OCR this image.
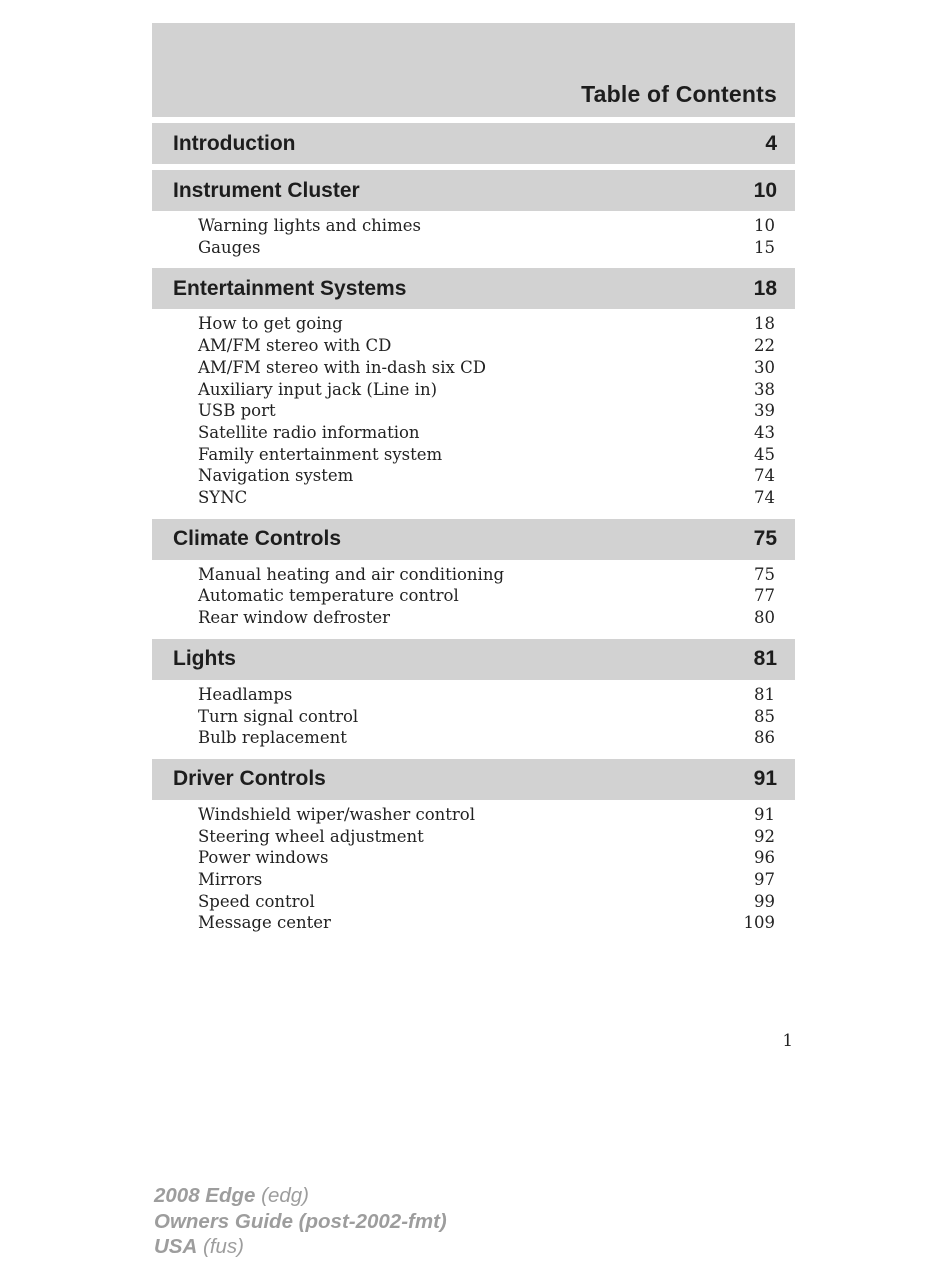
Table of Contents
Introduction	4
Instrument Cluster	10
Warning lights and chimes	10
Gauges	15
Entertainment Systems	18
How to get going	18
AM/FM stereo with CD	22
AM/FM stereo with in-dash six CD	30
Auxiliary input jack (Line in)	38
USB port	39
Satellite radio information	43
Family entertainment system	45
Navigation system	74
SYNC	74
Climate Controls	75
Manual heating and air conditioning	75
Automatic temperature control	77
Rear window defroster	80
Lights	81
Headlamps	81
Turn signal control	85
Bulb replacement	86
Driver Controls	91
Windshield wiper/washer control	91
Steering wheel adjustment	92
Power windows	96
Mirrors	97
Speed control	99
Message center	109
1
2008 Edge (edg)
Owners Guide (post-2002-fmt)
USA (fus)
